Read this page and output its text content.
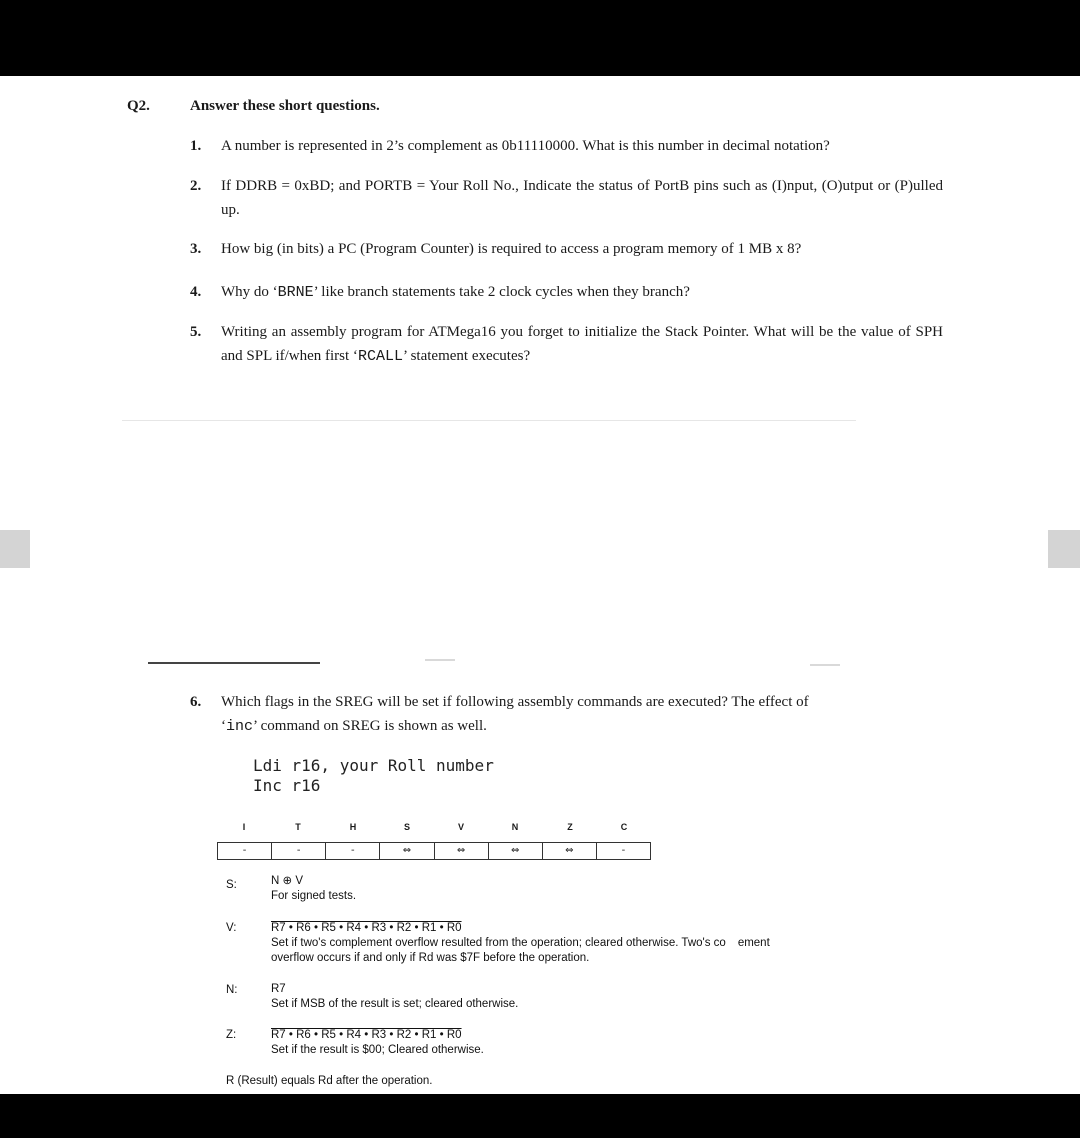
Q2.	Answer these short questions.
1. A number is represented in 2’s complement as 0b11110000. What is this number in decimal notation?
2. If DDRB = 0xBD; and PORTB = Your Roll No., Indicate the status of PortB pins such as (I)nput, (O)utput or (P)ulled up.
3. How big (in bits) a PC (Program Counter) is required to access a program memory of 1 MB x 8?
4. Why do ‘BRNE’ like branch statements take 2 clock cycles when they branch?
5. Writing an assembly program for ATMega16 you forget to initialize the Stack Pointer. What will be the value of SPH and SPL if/when first ‘RCALL’ statement executes?
6. Which flags in the SREG will be set if following assembly commands are executed? The effect of
‘inc’ command on SREG is shown as well.
Ldi r16, your Roll number
Inc r16
I	T	H	S	V	N	Z	C
-	-	-	⇔	⇔	⇔	⇔	-
S:	N ⊕ V
For signed tests.
V:	R7 • R6 • R5 • R4 • R3 • R2 • R1 • R0
Set if two's complement overflow resulted from the operation; cleared otherwise. Two's co ement
overflow occurs if and only if Rd was $7F before the operation.
N:	R7
Set if MSB of the result is set; cleared otherwise.
Z:	R7 • R6 • R5 • R4 • R3 • R2 • R1 • R0
Set if the result is $00; Cleared otherwise.
R (Result) equals Rd after the operation.
